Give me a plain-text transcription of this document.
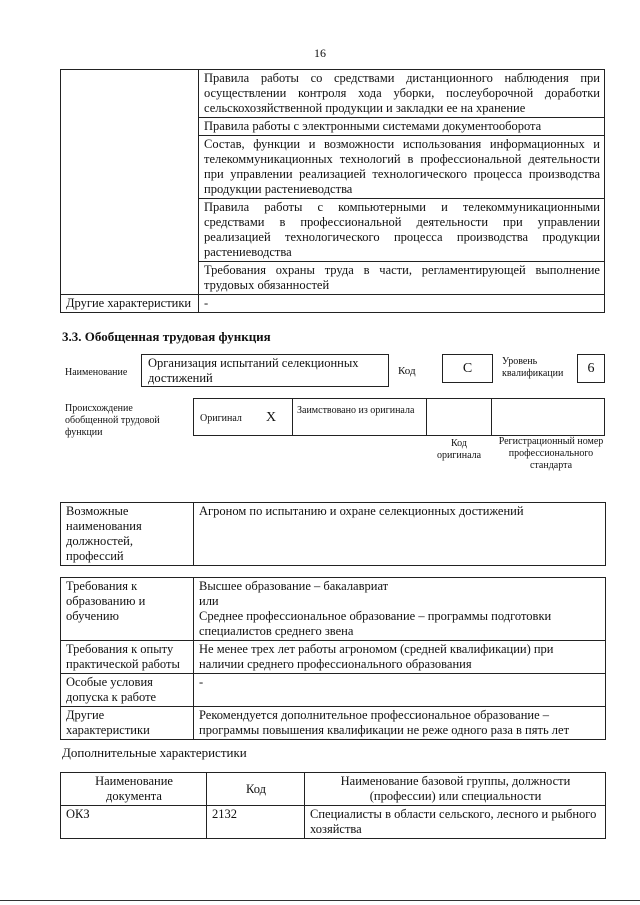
16
	Правила работы со средствами дистанционного наблюдения при осуществлении контроля хода уборки, послеуборочной доработки сельскохозяйственной продукции и закладки ее на хранение
	Правила работы с электронными системами документооборота
	Состав, функции и возможности использования информационных и телекоммуникационных технологий в профессиональной деятельности при управлении реализацией технологического процесса производства продукции растениеводства
	Правила работы с компьютерными и телекоммуникационными средствами в профессиональной деятельности при управлении реализацией технологического процесса производства продукции растениеводства
	Требования охраны труда в части, регламентирующей выполнение трудовых обязанностей
Другие характеристики	-
3.3. Обобщенная трудовая функция
Наименование
Организация испытаний селекционных достижений	Код	С	Уровень квалификации	6
Происхождение обобщенной трудовой функции
Оригинал X Заимствовано из оригинала
Код оригинала
Регистрационный номер профессионального стандарта
Возможные наименования должностей, профессий	Агроном по испытанию и охране селекционных достижений
Требования к образованию и обучению	Высшее образование – бакалавриат
или
Среднее профессиональное образование – программы подготовки специалистов среднего звена

Требования к опыту практической работы	Не менее трех лет работы агрономом (средней квалификации) при наличии среднего профессионального образования
Особые условия допуска к работе	-
Другие характеристики	Рекомендуется дополнительное профессиональное образование – программы повышения квалификации не реже одного раза в пять лет
Дополнительные характеристики
Наименование документа	Код	Наименование базовой группы, должности (профессии) или специальности
ОКЗ	2132	Специалисты в области сельского, лесного и рыбного хозяйства
